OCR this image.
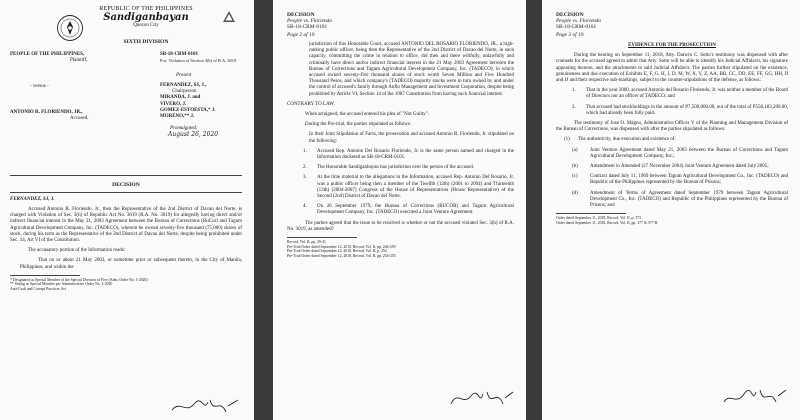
REPUBLIC OF THE PHILIPPINES
Sandiganbayan
Quezon City
SIXTH DIVISION
PEOPLE OF THE PHILIPPINES,
Plaintiff,
- versus -
ANTONIO R. FLORIENDO, JR.,
Accused.
SB-18-CRM-0101
For: Violation of Section 3(h) of R.A. 3019
Present
FERNANDEZ, SJ, J.,
Chairperson
MIRANDA, J. and
VIVERO, J.
GOMEZ-ESTOESTA,* J.
MORENO,** J.
Promulgated:
August 26, 2020
DECISION
FERNANDEZ, SJ, J.

Accused Antonio R. Floriendo, Jr., then the Representative of the 2nd District of Davao del Norte, is charged with Violation of Sec. 3(h) of Republic Act No. 3019 (R.A. No. 3019) for allegedly having direct and/or indirect financial interest in the May 21, 2003 Agreement between the Bureau of Corrections (BuCor) and Tagum Agricultural Development Company, Inc. (TADECO), wherein he owned seventy-five thousand (75,000) shares of stock, during his term as the Representative of the 2nd District of Davao del Norte, despite being prohibited under Sec. 14, Art VI of the Constitution.

The accusatory portion of the Information reads:

That on or about 21 May 2003, or sometime prior or subsequent thereto, in the City of Manila, Philippines, and within the

* Designated as Special Member of the Special Division of Five (Adm. Order No. 1-2020)
** Sitting as Special Member per Administrative Order No. 2-2020
Anti-Graft and Corrupt Practices Act
DECISION
People vs. Floriendo
SB-18-CRM-0101
Page 2 of 19

jurisdiction of this Honorable Court, accused ANTONIO DEL ROSARIO FLORIENDO, JR., a high-ranking public officer, being then the Representative of the 2nd District of Davao del Norte, in such capacity, committing the crime in relation to office, did then and there willfully, unlawfully and criminally have direct and/or indirect financial interest in the 21 May 2003 Agreement between the Bureau of Corrections and Tagum Agricultural Development Company, Inc. (TADECO), in which accused owned seventy-five thousand shares of stock worth Seven Million and Five Hundred Thousand Pesos, and which company's (TADECO) majority stocks were in turn owned by and under the control of accused's family through Anflo Management and Investment Corporation, despite being prohibited by Article VI, Section 14 of the 1987 Constitution from having such financial interest.

CONTRARY TO LAW.

When arraigned, the accused entered his plea of "Not Guilty".

During the Pre-trial, the parties stipulated as follows:

In their Joint Stipulation of Facts, the prosecution and accused Antonio R. Floriendo, Jr. stipulated on the following:

1.	Accused Rep. Antonio Del Rosario Floriendo, Jr. is the same person named and charged in the Information docketed as SB-18-CRM-0101.
2.	The Honorable Sandiganbayan has jurisdiction over the person of the accused.
3.	At the time material to the allegations in the Information, accused Rep. Antonio Del Rosario, Jr. was a public officer being then a member of the Twelfth (12th) (2001 to 2004) and Thirteenth (13th) (2004-2007) Congress of the House of Representatives (House Representative) of the Second (2nd) District of Davao del Norte.
4.	On 26 September 1979, the Bureau of Corrections (BUCOR) and Tagum Agricultural Development Company, Inc. (TADECO) executed a Joint Venture Agreement.

The parties agreed that the issue to be resolved is whether or not the accused violated Sec. 3(h) of R.A. No. 3019, as amended?

Record, Vol. II, pp. 39-41
Pre-Trial Order dated September 12, 2018, Record, Vol. II, pp. 246-259
Pre-Trial Order dated September 12, 2018, Record, Vol. II, p. 254
Pre-Trial Order dated September 12, 2018, Record, Vol. II, pp. 254-255
DECISION
People vs. Floriendo
SB-18-CRM-0101
Page 3 of 19
EVIDENCE FOR THE PROSECUTION

During the hearing on September 11, 2018, Atty. Darwin C. Sotto's testimony was dispensed with after counsels for the accused agreed to admit that Atty. Sotto will be able to identify his Judicial Affidavit, his signature appearing thereon, and the attachments to said Judicial Affidavit. The parties further stipulated on the existence, genuineness and due execution of Exhibits E, F, G, H, J, D, M, W, X, Y, Z, AA, BB, CC, DD, EE, FF, GG, HH, II and JJ and their respective sub-markings, subject to the counter-stipulations of the defense, as follows:

1.	That in the year 2000, accused Antonio del Rosario Floriendo, Jr. was neither a member of the Board of Directors nor an officer of TADECO; and
2.	That accused had stockholdings in the amount of P7,500,000.00, out of the total of P558,183,200.00, which had already been fully paid.

The testimony of Jose O. Magno, Administrative Officer V of the Planning and Management Division of the Bureau of Corrections, was dispensed with after the parties stipulated as follows:

(1)	The authenticity, due execution and existence of:
(a)	Joint Venture Agreement dated May 21, 2003 between the Bureau of Corrections and Tagum Agricultural Development Company, Inc.;
(b)	Amendment to Amended (27 November 2004) Joint Venture Agreement dated July 2005;
(c)	Contract dated July 11, 1969 between Tagum Agricultural Development Co., Inc. (TADECO) and Republic of the Philippines represented by the Bureau of Prisons;
(d)	Amendment of Terms of Agreement dated September 1979 between Tagum Agricultural Development Co., Inc. (TADECO) and Republic of the Philippines represented by the Bureau of Prisons; and
Order dated September 11, 2018, Record, Vol. II, p. 373
Order dated September 11, 2018, Record, Vol. II, pp. 377 & 377-B
